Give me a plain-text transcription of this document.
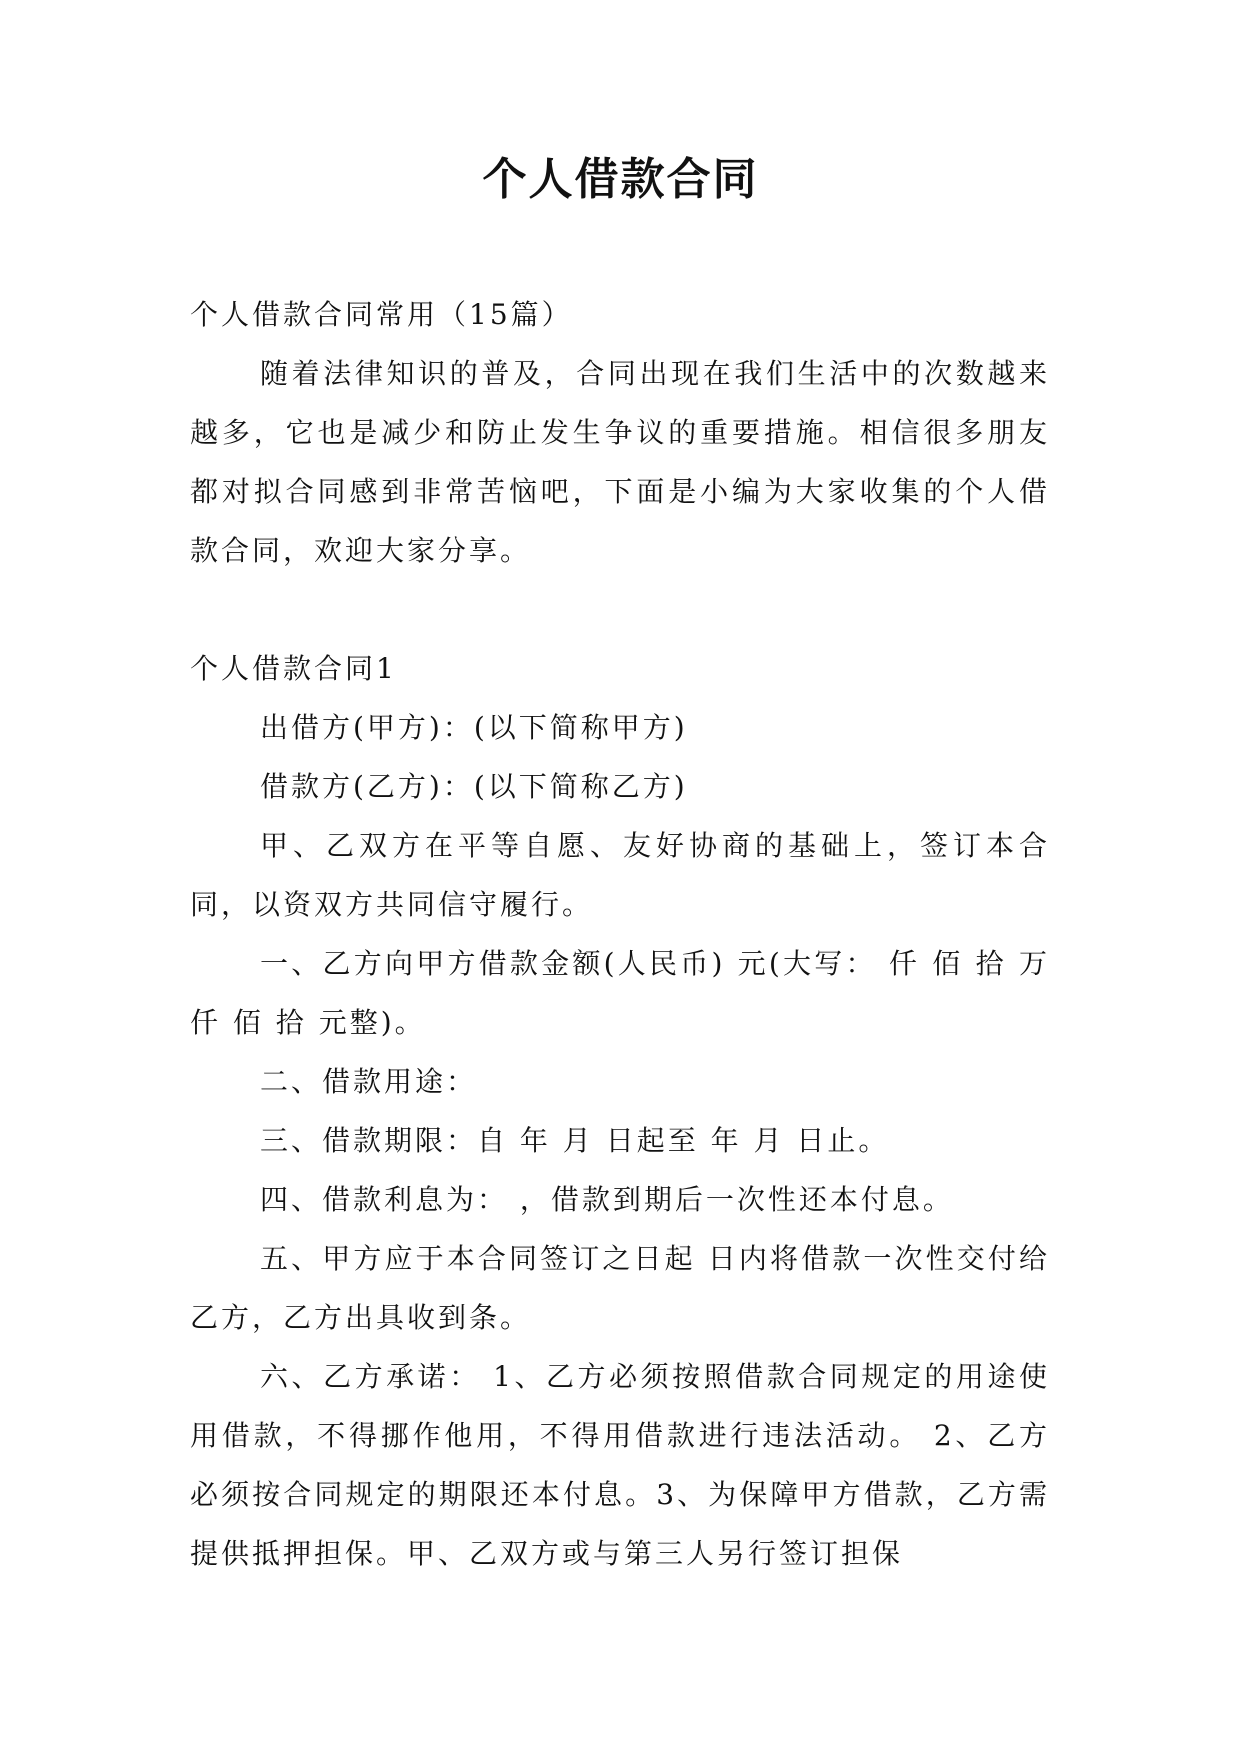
个人借款合同

个人借款合同常用（15篇）

随着法律知识的普及，合同出现在我们生活中的次数越来越多，它也是减少和防止发生争议的重要措施。相信很多朋友都对拟合同感到非常苦恼吧，下面是小编为大家收集的个人借款合同，欢迎大家分享。

个人借款合同1

出借方(甲方)：(以下简称甲方)

借款方(乙方)：(以下简称乙方)

甲、乙双方在平等自愿、友好协商的基础上，签订本合同，以资双方共同信守履行。

一、乙方向甲方借款金额(人民币) 元(大写： 仟 佰 拾 万 仟 佰 拾 元整)。

二、借款用途：

三、借款期限：自 年 月 日起至 年 月 日止。

四、借款利息为： ，借款到期后一次性还本付息。

五、甲方应于本合同签订之日起 日内将借款一次性交付给乙方，乙方出具收到条。

六、乙方承诺： 1、乙方必须按照借款合同规定的用途使用借款，不得挪作他用，不得用借款进行违法活动。 2、乙方必须按合同规定的期限还本付息。3、为保障甲方借款，乙方需提供抵押担保。甲、乙双方或与第三人另行签订担保
